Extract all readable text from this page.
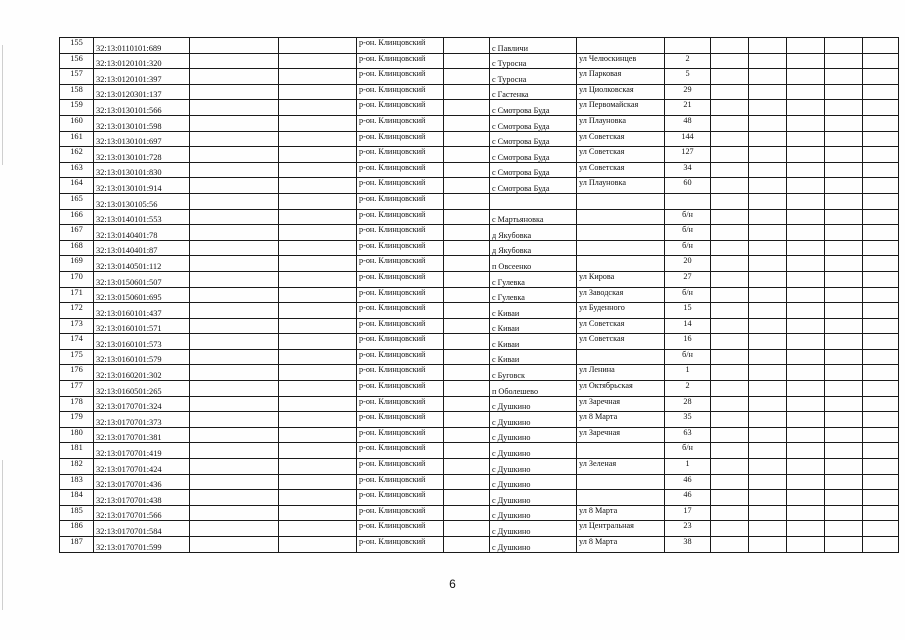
155	32:13:0110101:689			р-он. Клинцовский		с Павличи							
156	32:13:0120101:320			р-он. Клинцовский		с Туросна	ул Челюскинцев	2					
157	32:13:0120101:397			р-он. Клинцовский		с Туросна	ул Парковая	5					
158	32:13:0120301:137			р-он. Клинцовский		с Гастенка	ул Циолковская	29					
159	32:13:0130101:566			р-он. Клинцовский		с Смотрова Буда	ул Первомайская	21					
160	32:13:0130101:598			р-он. Клинцовский		с Смотрова Буда	ул Плауновка	48					
161	32:13:0130101:697			р-он. Клинцовский		с Смотрова Буда	ул Советская	144					
162	32:13:0130101:728			р-он. Клинцовский		с Смотрова Буда	ул Советская	127					
163	32:13:0130101:830			р-он. Клинцовский		с Смотрова Буда	ул Советская	34					
164	32:13:0130101:914			р-он. Клинцовский		с Смотрова Буда	ул Плауновка	60					
165	32:13:0130105:56			р-он. Клинцовский									
166	32:13:0140101:553			р-он. Клинцовский		с Мартьяновка		б/н					
167	32:13:0140401:78			р-он. Клинцовский		д Якубовка		б/н					
168	32:13:0140401:87			р-он. Клинцовский		д Якубовка		б/н					
169	32:13:0140501:112			р-он. Клинцовский		п Овсеенко		20					
170	32:13:0150601:507			р-он. Клинцовский		с Гулевка	ул Кирова	27					
171	32:13:0150601:695			р-он. Клинцовский		с Гулевка	ул Заводская	б/н					
172	32:13:0160101:437			р-он. Клинцовский		с Киваи	ул Буденного	15					
173	32:13:0160101:571			р-он. Клинцовский		с Киваи	ул Советская	14					
174	32:13:0160101:573			р-он. Клинцовский		с Киваи	ул Советская	16					
175	32:13:0160101:579			р-он. Клинцовский		с Киваи		б/н					
176	32:13:0160201:302			р-он. Клинцовский		с Буговск	ул Ленина	1					
177	32:13:0160501:265			р-он. Клинцовский		п Оболешево	ул Октябрьская	2					
178	32:13:0170701:324			р-он. Клинцовский		с Душкино	ул Заречная	28					
179	32:13:0170701:373			р-он. Клинцовский		с Душкино	ул 8 Марта	35					
180	32:13:0170701:381			р-он. Клинцовский		с Душкино	ул Заречная	63					
181	32:13:0170701:419			р-он. Клинцовский		с Душкино		б/н					
182	32:13:0170701:424			р-он. Клинцовский		с Душкино	ул Зеленая	1					
183	32:13:0170701:436			р-он. Клинцовский		с Душкино		46					
184	32:13:0170701:438			р-он. Клинцовский		с Душкино		46					
185	32:13:0170701:566			р-он. Клинцовский		с Душкино	ул 8 Марта	17					
186	32:13:0170701:584			р-он. Клинцовский		с Душкино	ул Центральная	23					
187	32:13:0170701:599			р-он. Клинцовский		с Душкино	ул 8 Марта	38					
6
